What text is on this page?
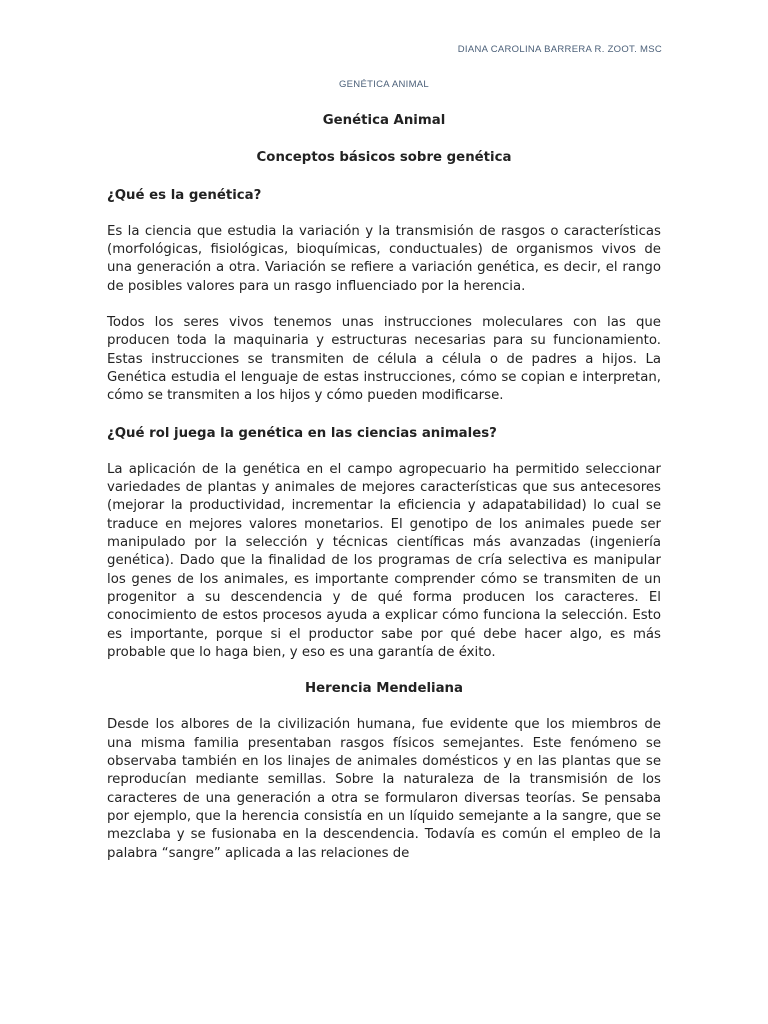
DIANA CAROLINA BARRERA R. ZOOT. MSC
GENÉTICA ANIMAL
Genética Animal
Conceptos básicos sobre genética
¿Qué es la genética?

Es la ciencia que estudia la variación y la transmisión de rasgos o características (morfológicas, fisiológicas, bioquímicas, conductuales) de organismos vivos de una generación a otra. Variación se refiere a variación genética, es decir, el rango de posibles valores para un rasgo influenciado por la herencia.

Todos los seres vivos tenemos unas instrucciones moleculares con las que producen toda la maquinaria y estructuras necesarias para su funcionamiento. Estas instrucciones se transmiten de célula a célula o de padres a hijos. La Genética estudia el lenguaje de estas instrucciones, cómo se copian e interpretan, cómo se transmiten a los hijos y cómo pueden modificarse.

¿Qué rol juega la genética en las ciencias animales?

La aplicación de la genética en el campo agropecuario ha permitido seleccionar variedades de plantas y animales de mejores características que sus antecesores (mejorar la productividad, incrementar la eficiencia y adapatabilidad) lo cual se traduce en mejores valores monetarios. El genotipo de los animales puede ser manipulado por la selección y técnicas científicas más avanzadas (ingeniería genética). Dado que la finalidad de los programas de cría selectiva es manipular los genes de los animales, es importante comprender cómo se transmiten de un progenitor a su descendencia y de qué forma producen los caracteres. El conocimiento de estos procesos ayuda a explicar cómo funciona la selección. Esto es importante, porque si el productor sabe por qué debe hacer algo, es más probable que lo haga bien, y eso es una garantía de éxito.

Herencia Mendeliana

Desde los albores de la civilización humana, fue evidente que los miembros de una misma familia presentaban rasgos físicos semejantes. Este fenómeno se observaba también en los linajes de animales domésticos y en las plantas que se reproducían mediante semillas. Sobre la naturaleza de la transmisión de los caracteres de una generación a otra se formularon diversas teorías. Se pensaba por ejemplo, que la herencia consistía en un líquido semejante a la sangre, que se mezclaba y se fusionaba en la descendencia. Todavía es común el empleo de la palabra “sangre” aplicada a las relaciones de
